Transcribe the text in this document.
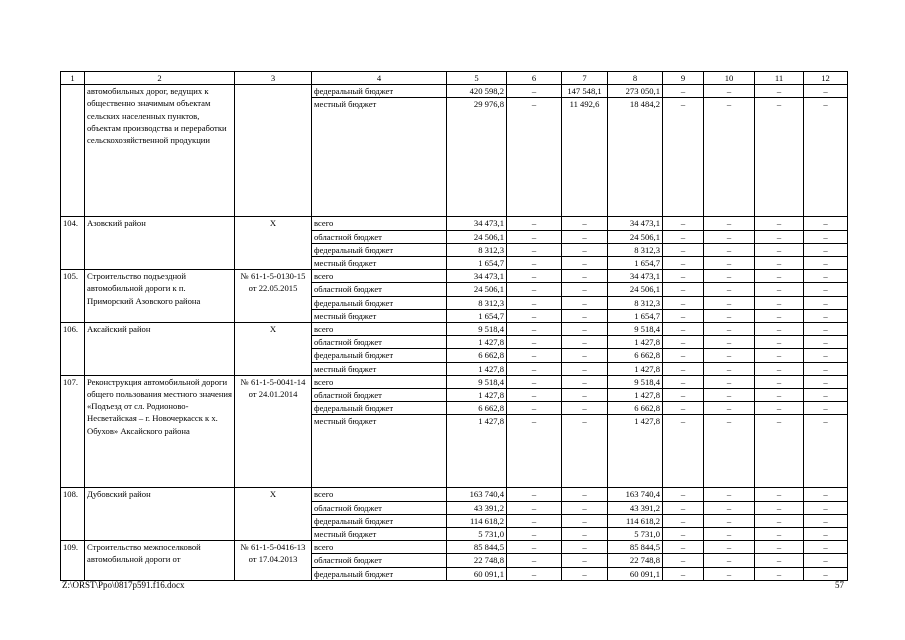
1	2	3	4	5	6	7	8	9	10	11	12
	автомобильных дорог, ведущих к общественно значимым объектам сельских населенных пунктов, объектам производства и переработки сельскохозяйственной продукции		федеральный бюджет	420 598,2	–	147 548,1	273 050,1	–	–	–	–
			местный бюджет	29 976,8	–	11 492,6	18 484,2	–	–	–	–
104.	Азовский район	Х	всего	34 473,1	–	–	34 473,1	–	–	–	–
			областной бюджет	24 506,1	–	–	24 506,1	–	–	–	–
			федеральный бюджет	8 312,3	–	–	8 312,3	–	–	–	–
			местный бюджет	1 654,7	–	–	1 654,7	–	–	–	–
105.	Строительство подъездной автомобильной дороги к п. Приморский Азовского района	№ 61-1-5-0130-15 от 22.05.2015	всего	34 473,1	–	–	34 473,1	–	–	–	–
			областной бюджет	24 506,1	–	–	24 506,1	–	–	–	–
			федеральный бюджет	8 312,3	–	–	8 312,3	–	–	–	–
			местный бюджет	1 654,7	–	–	1 654,7	–	–	–	–
106.	Аксайский район	Х	всего	9 518,4	–	–	9 518,4	–	–	–	–
			областной бюджет	1 427,8	–	–	1 427,8	–	–	–	–
			федеральный бюджет	6 662,8	–	–	6 662,8	–	–	–	–
			местный бюджет	1 427,8	–	–	1 427,8	–	–	–	–
107.	Реконструкция автомобильной дороги общего пользования местного значения «Подъезд от сл. Родионово-Несветайская – г. Новочеркасск к х. Обухов» Аксайского района	№ 61-1-5-0041-14 от 24.01.2014	всего	9 518,4	–	–	9 518,4	–	–	–	–
			областной бюджет	1 427,8	–	–	1 427,8	–	–	–	–
			федеральный бюджет	6 662,8	–	–	6 662,8	–	–	–	–
			местный бюджет	1 427,8	–	–	1 427,8	–	–	–	–
108.	Дубовский район	Х	всего	163 740,4	–	–	163 740,4	–	–	–	–
			областной бюджет	43 391,2	–	–	43 391,2	–	–	–	–
			федеральный бюджет	114 618,2	–	–	114 618,2	–	–	–	–
			местный бюджет	5 731,0	–	–	5 731,0	–	–	–	–
109.	Строительство межпоселковой автомобильной дороги от	№ 61-1-5-0416-13 от 17.04.2013	всего	85 844,5	–	–	85 844,5	–	–	–	–
			областной бюджет	22 748,8	–	–	22 748,8	–	–	–	–
			федеральный бюджет	60 091,1	–	–	60 091,1	–	–	–	–
Z:\ORST\Ppo\0817p591.f16.docx	57
